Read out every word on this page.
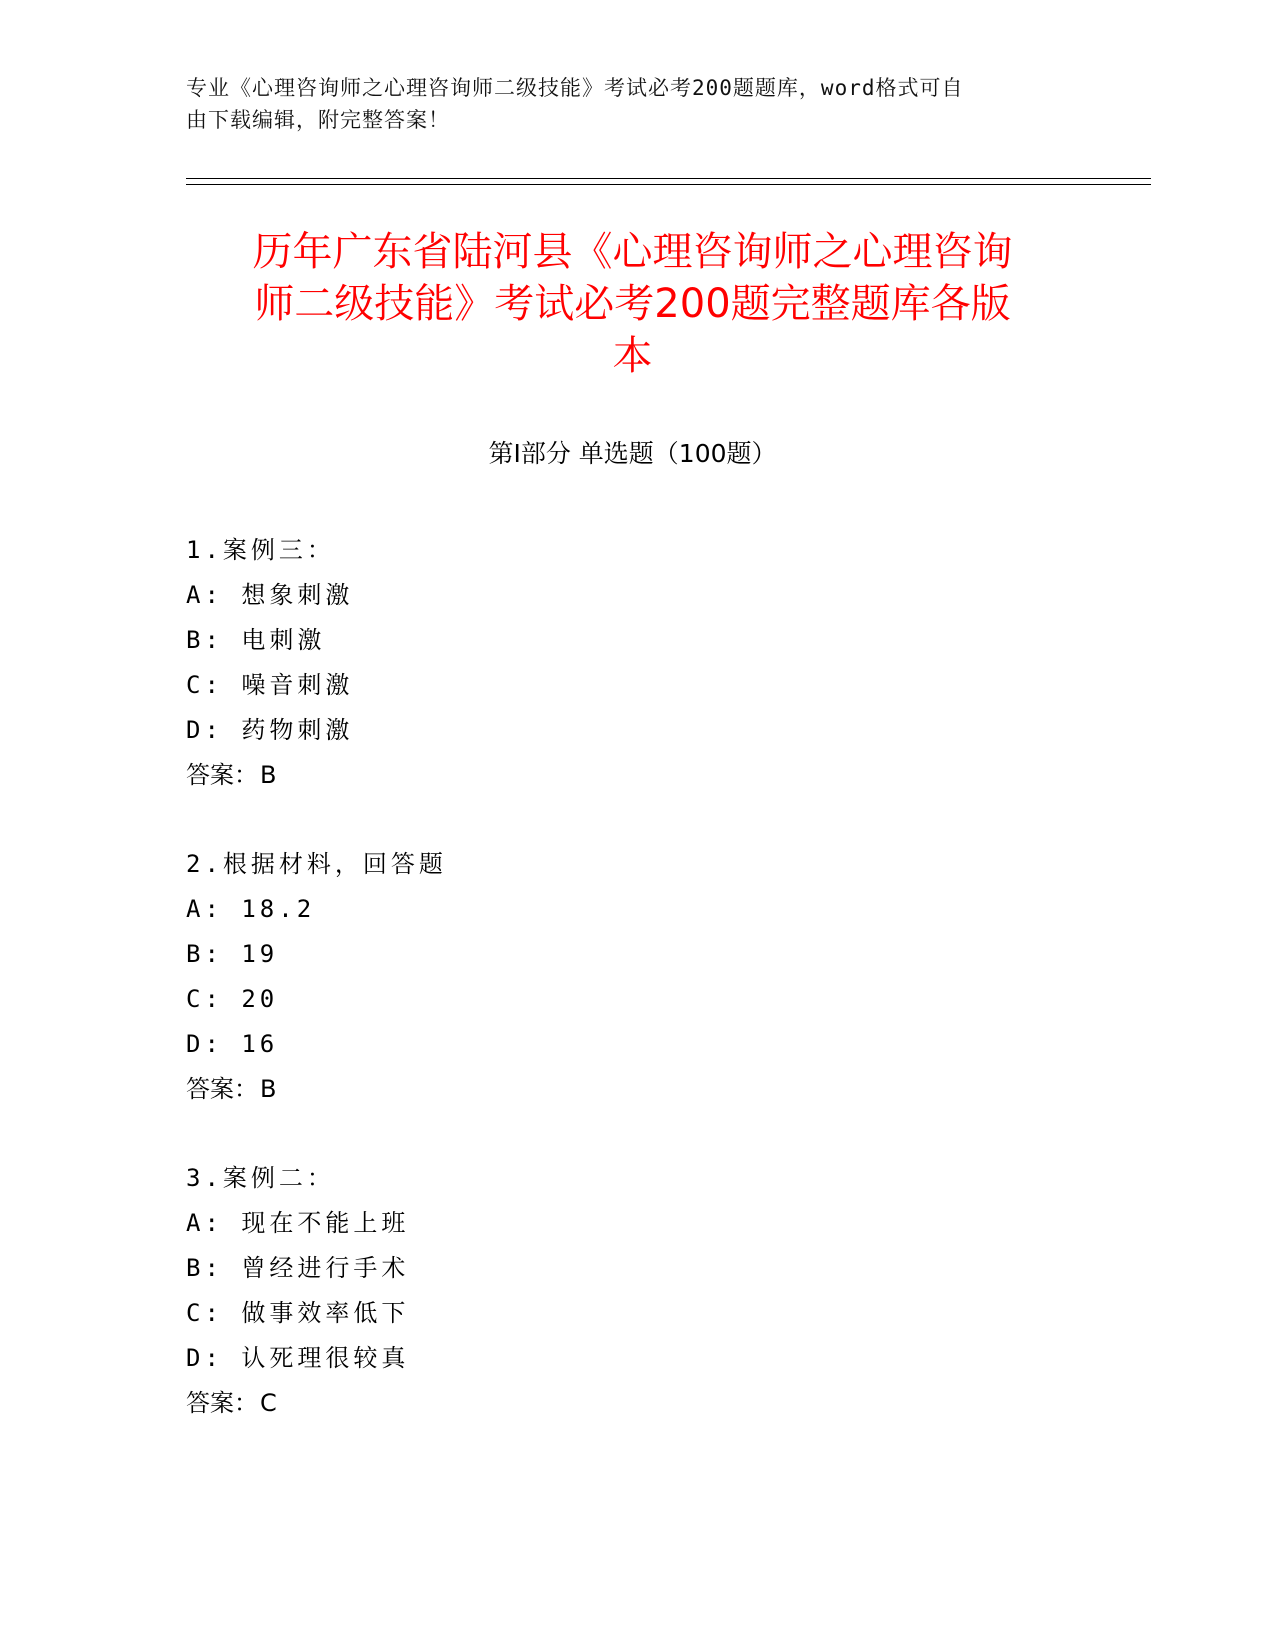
专业《心理咨询师之心理咨询师二级技能》考试必考200题题库，word格式可自
由下载编辑，附完整答案！
历年广东省陆河县《心理咨询师之心理咨询
师二级技能》考试必考200题完整题库各版
本
第Ⅰ部分 单选题（100题）
1.案例三：
A: 想象刺激
B: 电刺激
C: 噪音刺激
D: 药物刺激
答案：B
2.根据材料，回答题
A: 18.2
B: 19
C: 20
D: 16
答案：B
3.案例二：
A: 现在不能上班
B: 曾经进行手术
C: 做事效率低下
D: 认死理很较真
答案：C
